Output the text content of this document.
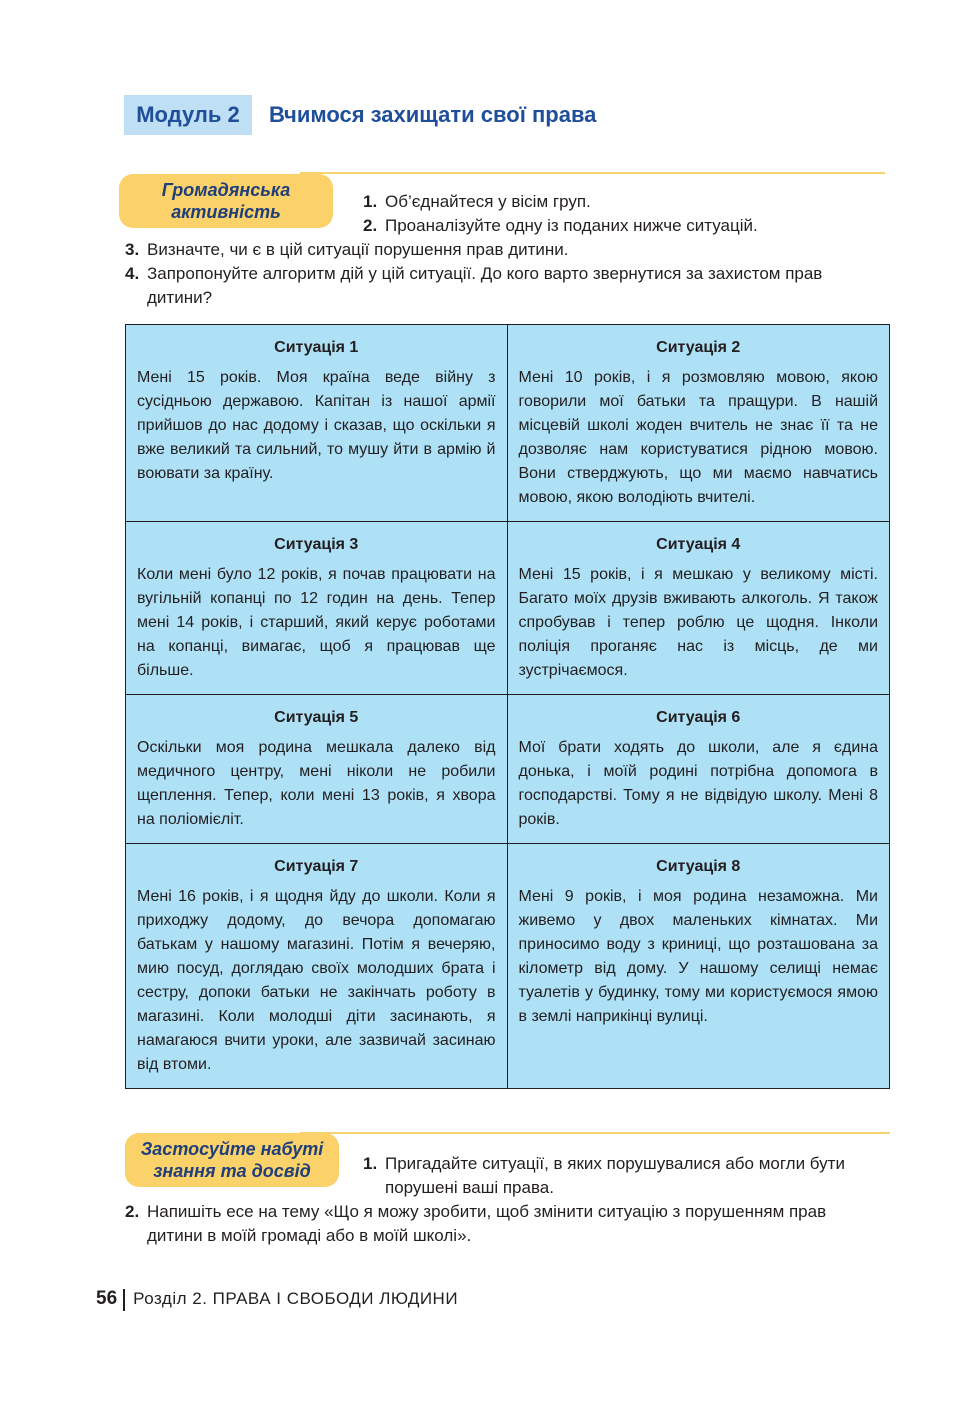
Модуль 2	Вчимося захищати свої права
Громадянська
активність
1. Об’єднайтеся у вісім груп.
2. Проаналізуйте одну із поданих нижче ситуацій.
3. Визначте, чи є в цій ситуації порушення прав дитини.
4. Запропонуйте алгоритм дій у цій ситуації. До кого варто звернутися за захистом прав
дитини?
Ситуація 1
Мені 15 років. Моя країна веде війну з сусідньою державою. Капітан із нашої армії прийшов до нас додому і сказав, що оскільки я вже великий та сильний, то мушу йти в армію й воювати за країну.
Ситуація 2
Мені 10 років, і я розмовляю мовою, якою говорили мої батьки та пращури. В нашій місцевій школі жоден вчитель не знає її та не дозволяє нам користуватися рідною мовою. Вони стверджують, що ми маємо навчатись мовою, якою володіють вчителі.
Ситуація 3
Коли мені було 12 років, я почав працювати на вугільній копанці по 12 годин на день. Тепер мені 14 років, і старший, який керує роботами на копанці, вимагає, щоб я працював ще більше.
Ситуація 4
Мені 15 років, і я мешкаю у великому місті. Багато моїх друзів вживають алкоголь. Я також спробував і тепер роблю це щодня. Інколи поліція проганяє нас із місць, де ми зустрічаємося.
Ситуація 5
Оскільки моя родина мешкала далеко від медичного центру, мені ніколи не робили щеплення. Тепер, коли мені 13 років, я хвора на поліомієліт.
Ситуація 6
Мої брати ходять до школи, але я єдина донька, і моїй родині потрібна допомога в господарстві. Тому я не відвідую школу. Мені 8 років.
Ситуація 7
Мені 16 років, і я щодня йду до школи. Коли я приходжу додому, до вечора допомагаю батькам у нашому магазині. Потім я вечеряю, мию посуд, доглядаю своїх молодших брата і сестру, допоки батьки не закінчать роботу в магазині. Коли молодші діти засинають, я намагаюся вчити уроки, але зазвичай засинаю від втоми.
Ситуація 8
Мені 9 років, і моя родина незаможна. Ми живемо у двох маленьких кімнатах. Ми приносимо воду з криниці, що розташована за кілометр від дому. У нашому селищі немає туалетів у будинку, тому ми користуємося ямою в землі наприкінці вулиці.
Застосуйте набуті
знання та досвід	1. Пригадайте ситуації, в яких порушувалися або могли бути
порушені ваші права.
2. Напишіть есе на тему «Що я можу зробити, щоб змінити ситуацію з порушенням прав
дитини в моїй громаді або в моїй школі».
56 Розділ 2. ПРАВА І СВОБОДИ ЛЮДИНИ
